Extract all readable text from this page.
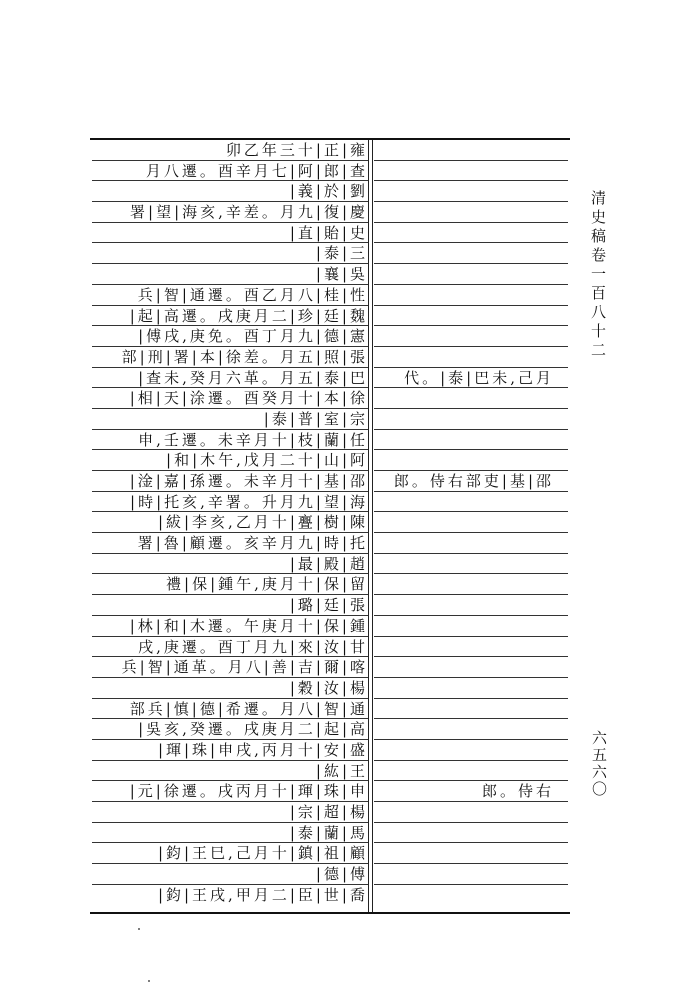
卯乙年三十|正|雍
月八遷。酉辛月七|阿|郎|查
|義|於|劉
署|望|海亥,辛差。月九|復|慶
|直|貽|史
|泰|三
|襄|吳
兵|智|通遷。酉乙月八|桂|性
|起|高遷。戌庚月二|珍|廷|魏
|傅戌,庚免。酉丁月九|德|憲
部|刑|署|本|徐差。月五|照|張
|查未,癸月六革。月五|泰|巴 代。|泰|巴未,己月
|相|天|涂遷。酉癸月十|本|徐
|泰|普|室|宗
申,壬遷。未辛月十|枝|蘭|任
|和|木午,戊月二十|山|阿
|淦|嘉|孫遷。未辛月十|基|邵 郎。侍右部吏|基|邵
|時|托亥,辛署。升月九|望|海
|紱|李亥,乙月十|亹|樹|陳
署|魯|顧遷。亥辛月九|時|托
|最|殿|趙
禮|保|鍾午,庚月十|保|留
|璐|廷|張
|林|和|木遷。午庚月十|保|鍾
戌,庚遷。酉丁月九|來|汝|甘
兵|智|通革。月八|善|吉|爾|喀
|穀|汝|楊
部兵|慎|德|希遷。月八|智|通
|吳亥,癸遷。戌庚月二|起|高
|琿|珠|申戌,丙月十|安|盛
|紘|王
|元|徐遷。戌丙月十|琿|珠|申	郎。侍右
|宗|超|楊
|泰|蘭|馬
|鈞|王巳,己月十|鎮|祖|顧
|德|傅
|鈞|王戌,甲月二|臣|世|喬
清史稿卷一百八十二
六五六〇
